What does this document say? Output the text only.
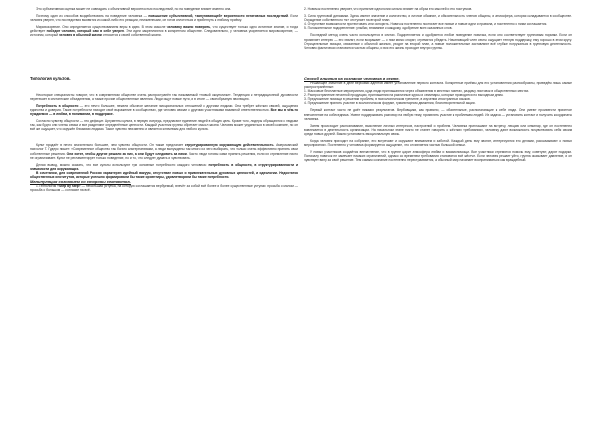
Это субъективная оценка может не совпадать с объективной вероятностью последствий, но на поведение влияет именно она.

Поэтому один из способов воздействовать на поведение человека — повышение субъективной, «запугивающей» вероятности негативных последствий. Если человек уверен, что последствия выявятся из какой-либо его реакции, неизменными, он готов сплотиться и прибегнуть к любому приёму.

Мировоззрение. Оно определяется существованием веры в идеи. В этом смысле человеку важно поверить, что существует только одно истинное знание, и тогда действует победит человек, который сам в себе уверен. Эти идеи закрепляются в конкретном обществе. Следовательно, у человека укореняется мировоззрение, — источник, который человек в обычной жизни относится к своей собственной жизни.

Типология культов.

Некоторые специалисты говорят, что в современном обществе очень распространён так называемый «новый оккультизм». Тенденция к нетрадиционной духовности перетекает в сектантские объединения, а также прочие общественные явления. Люди ищут новые пути, и в итоге — своеобразную эволюцию.

Потребность в общности — это нечто большее, нежели обычное желание эмоциональных отношений с другими людьми. Она требует жёстких связей, ощущения единства и доверия. Такие потребности находят своё выражение в сообществах, где человек связан с другими участниками взаимной ответственностью. Все мы в чём-то нуждаемся — в любви, в понимании, в поддержке.

Согласно чувству общности — это дефицит. Аргументы культа, в первую очередь, предлагают единение людей в общую цель. Кроме того, лидеры обращаются с людьми так, как будто они члены семьи и все разделяют определённые ценности. Каждый участник группы обретает смысл жизни. Человек может уединиться в своей комнате, но он всё же ощущает, что окружён близкими людьми. Такое чувство неизменно и является ключевым для любого культа.

Культ продаёт в нечто значительно большее, чем чувство общности. Он также предлагает структурированную окружающую действительность. Американский психолог Т. Гудерс пишет: «Современное общество так богато альтернативами, а люди вынуждены так много из чего выбирать, что только очень эффективно принять свои собственные решения. Они хотят, чтобы другие решили за них, а они будут следовать за ними. Часто люди готовы сами принять решения, если их стремление никто не ограничивает. Культ не регламентирует только поведение, но и то, что следует думать и чувствовать.

Делая вывод, можно сказать, что все культы используют три основные потребности каждого человека: потребность в общности, в структурированности и значимости для окружающих.

В сочетании, для современной России характерен идейный вакуум, отсутствие новых и привлекательных духовных ценностей, и идеологии. Недостаток общественных институтов, которые успешно формировали бы такие ориентиры, удовлетворяли бы такие потребности.

Манипуляция сознанием со стороны сектантов.

1.Технология «Step by step» — небольшая уступка, на которую соглашается вербуемый, влечёт за собой всё более и более существенные уступки: просьба о малом — просьба о большом — согласие на всё.

2. Новичок постепенно уверяет, что принятие идеологии сильно влияет на образ его мыслей и его поступков.

3. Сила групповой динамики. Здесь имеют значение и количество, и личное обаяние, и обязательность членов общины, и атмосфера, которая складывается в сообществе. Осуждение собственного «я» отступает на второй план.

4. Отсутствие возможности протестовать или оспорить. Новичок постепенно постигает все новые и новые идеи и правила, и постепенно с ними соглашается.

5. Положительное подкрепление: улыбки, внимание к каждому, одобрение всех сказанных слов.

Последний метод очень часто используется в сектах. Подкрепляется и одобряется любое поведение новичка, если оно соответствует групповым нормам. Если он проявляет интерес — его хвалят, если возражает — с ним мягко спорят, стремятся убедить. Начинающий член секты ощущает теплую поддержку, ему хорошо в этом кругу. Отрицательные эмоции, связанные с обычной жизнью, уходят на второй план, а новые положительные заставляют всё глубже погружаться в групповую деятельность. Человек фактически становится частью общины, и вся его жизнь проходит внутри группы.

Способ влияния на сознание человека в секте.

Решающее значение в деле вербовки адептов имеет установление первого контакта. Конкретные приёмы для его установления разнообразны, приведём лишь самые распространённые:

1. Массовые бесплатные мероприятия, куда люди приглашаются через объявления в местных газетах, раздачу листовок в общественных местах.

2. Распространение печатной продукции, приглашения на различные курсы и семинары, которые проводятся по выходным дням.

3. Предложение помощи в решении проблем, в психологическом тренинге, в изучении иностранных языков.

4. Предложение принять участие в экологическом форуме, гуманитарном движении, благотворительной акции.

Первый контакт часто не даёт никаких результатов. Вербовщики, как правило, — обаятельные, располагающие к себе люди. Они умеют произвести приятное впечатление на собеседника. Умеют поддерживать разговор на любую тему, проявлять участие к проблемам людей. Их задача — установить контакт и получить координаты человека.

Затем происходит распознавание, выяснение личных интересов, настроений и проблем. Человека приглашают на встречу, лекцию или семинар, где он постепенно вовлекается в деятельность организации. На начальном этапе никто не станет говорить о жёстких требованиях, человеку дают возможность почувствовать себя своим среди новых друзей. Важно установить эмоциональную связь.

Когда человек приходит на собрание, его встречают и окружают вниманием и заботой. Каждый день ему звонят, интересуются его делами, рассказывают о новых мероприятиях. Постепенно у человека формируется ощущение, что он является частью большой семьи.

У новых участников создаётся впечатление, что в группе царит атмосфера любви и взаимопомощи. Все участники стремятся помочь ему, советуют, дарят подарки. Поначалу новичок не замечает никаких ограничений, однако со временем требования становятся всё жёстче. Если человек решает уйти, группа оказывает давление, и он чувствует вину за своё решение. Тем самым сознание постепенно перестраивается, а обычный мир начинает восприниматься как враждебный.
